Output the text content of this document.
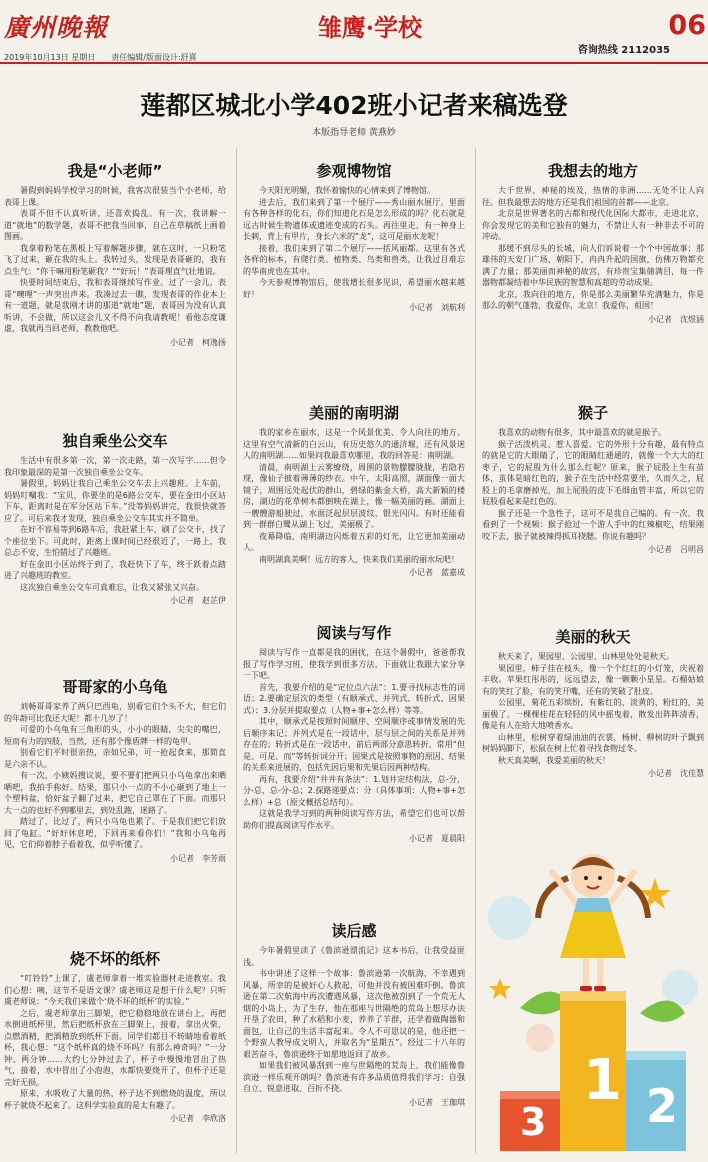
廣州晚報	雏鹰·学校	06
咨询热线 2112035
2019年10月13日 星期日　　责任编辑/版面设计:舒熹
莲都区城北小学402班小记者来稿选登
本版指导老师 黄燕妙
我是“小老师”

暑假到妈妈学校学习的时候，我客次很装当个小老师，给表哥上课。

表哥不但不认真听讲，还喜欢捣乱。有一次，我讲解一道“就地”的数学题，表哥不把我当回事，自己在草稿纸上画着图画。

我拿着粉笔在黑板上写着解题步骤，就在这时，一只粉笔飞了过来，砸在我的头上。我转过头，发现是表哥砸的，我有点生气：“你干嘛用粉笔砸我？”“好玩！”表哥理直气壮地说。

快要时间结束后，我和表哥继续写作业。过了一会儿，表哥“噢哩”一声突出声来。我凑过去一瞧，发现表哥的作业本上有一道题，就是我刚才讲的那道“就地”题，表哥因为没有认真听讲，不会做，所以这会儿又不得不向我请教呢！看他态度谦虚，我就再当回老师，教教他吧。

小记者　柯逸扬
独自乘坐公交车

生活中有很多第一次，第一次走路，第一次写字……但令我印象最深的是第一次独自乘坐公交车。

暑假里，妈妈让我自己乘坐公交车去上兴趣班。上车前，妈妈叮嘱我：“宝贝，你要坐的是6路公交车，要在金田小区站下车，距离时是在军分区站下车。”没等妈妈讲完，我很快就答应了。可后来我才发现，独自乘坐公交车其实并不简单。

在好不容易等到6路车后，我赶紧上车，刷了公交卡，找了个座位坐下。可此时，距离上课时间已经很近了，一路上，我总忐不安，生怕错过了兴趣班。

好在金田小区站终于到了，我赶快下了车，终于跃着点踏进了兴趣班的教室。

这次独自乘坐公交车可真难忘，让我又紧张又兴奋。

小记者　赵芷伊
哥哥家的小乌龟

刘畅哥哥家养了两只巴西龟，别看它们个头不大，但它们的年龄可比我还大呢！都十几岁了！

可爱的小乌龟有三角形的头，小小的眼睛，尖尖的嘴巴，短而有力的四肢，当然，还有那个像盾牌一样的龟甲。

别看它们平时很亲热，亲如兄弟，可一抢起食来，那简直是六亲不认。

有一次，小姨妈搜议说，要不要们把两只小乌龟拿出来晒晒吧，我拍手称好。结果，那只小一点的不小心砸到了地上一个塑料盆，恰好盆子翻了过来，把它自己罩在了下面。而那只大一点的也好不到哪里去，到处乱跑，迷路了。

踏过了，比过了，两只小乌龟也累了。于是我们把它们放回了龟缸。“好好休息吧，下回再来看你们！”我和小乌龟再见，它们仰着脖子看着我，似乎听懂了。

小记者　李芳雨
烧不坏的纸杯

“叮铃铃”上课了，虞老师拿着一堆实验器材走进教室。我们心想：咦，这节不是语文课？虞老师这是想干什么呢？只听虞老师说：“今天我们来做个‘烧不坏的纸杯’的实验。”

之后，虞老师拿出三脚架，把它稳稳地放在讲台上，再把水倒进纸杯里，然后把纸杯放在三脚架上，接着，拿出火柴，点燃酒精，把酒精放到纸杯下面。同学们都目不转睛地看着纸杯，我心想：“这个纸杯真的烧不坏吗？有那么神奇吗？”一分钟、两分钟……大约七分钟过去了，杯子中慢慢地冒出了热气，接着，水中冒出了小泡泡，水都快要烧开了，但杯子还是完好无损。

原来，水吸收了大量的热，杯子达不到燃烧的温度，所以杯子就烧不起来了。这科学实验真的是太有趣了。

小记者　李欣洛
参观博物馆

今天阳光明媚，我怀着愉快的心情来到了博物馆。

进去后，我们来到了第一个展厅——秀山丽水展厅。里面有各种各样的化石，你们知道化石是怎么形成的吗？化石就是远古时候生物遗体或遗迹变成的石头。再往里走，有一种身上长刺，背上有甲片，身长六米的“龙”，这可是丽水龙呢！

接着，我们来到了第二个展厅——括风丽都。这里有各式各样的标本，有爬行类、植物类、鸟类和兽类，让我过目难忘的华南虎也在其中。

今天参观博物馆后，使我增长很多见识，希望丽水越来越好！

小记者　刘航利
美丽的南明湖

我的家乡在丽水，这是一个风景优美、令人向往的地方。这里有空气清新的白云山，有历史悠久的通济堰，还有风景迷人的南明湖……如果问我最喜欢哪里，我的回答是：南明湖。

清晨，南明湖上云雾缭绕，周围的景物朦朦胧胧，若隐若现，像仙子披着薄薄的纱衣。中午，太阳高照，湖面像一面大镜子，周围远处起伏的群山，碧绿的紫金大桥，高大新颖的楼房，湖边的花草树木都倒映在湖上，像一幅美丽的画。湖面上一艘艘游船驶过，水面泛起层层波纹，银光闪闪。有时还能看到一群群白鹭从湖上飞过，美丽极了。

夜幕降临，南明湖边闪烁着五彩的灯光，让它更加美丽动人。

南明湖真美啊！远方的客人，快来我们美丽的丽水玩吧！

小记者　蓝嘉成
阅读与写作

阅读与写作一直都是我的困扰，在这个暑假中，爸爸帮我报了写作学习班，使我学到很多方法，下面就让我跟大家分享一下吧。

首先，我要介绍的是“定位点六法”：1.要寻找标志性的词语；2.要确定层次的类型（有顺承式、并列式、转折式、因果式）；3.分层并提取要点（人物+事+怎么样）等等。

其中，顺承式是按照时间顺序、空间顺序或事情发展的先后顺序来记；并列式是在一段话中，层与层之间的关系是并列存在的；转折式是在一段话中，前后两部分意思转折，常用“但是、可是、而”等转折词分开；因果式是按照事物的原因、结果的关系来进展的，包括先因后果和先果后因两种结构。

再有，我要介绍“井井有条法”：1.划井定结构法，总-分，分-总，总-分-总；2.探路递要点：分（具体事项：人物+事+怎么样）+总（原文概括总结句）。

这就是我学习到的两种阅读写作方法，希望它们也可以帮助你们提高阅读写作水平。

小记者　夏晨阳
读后感

今年暑假里读了《鲁滨逊漂流记》这本书后，让我受益匪浅。

书中讲述了这样一个故事：鲁滨逊第一次航海，不幸遇到风暴，所幸的是被好心人救起，可他并没有被困难吓倒。鲁滨逊在第二次航海中再次遭遇风暴，这次他被刮到了一个荒无人烟的小岛上，为了生存，他在那座与世隔绝的荒岛上想尽办法开垦了农田，种了水稻和小麦，养养了羊群，还学着做陶器和面包，让自己的生活丰富起来。令人不可思议的是，他还把一个野蛮人教导成文明人，并取名为“星期五”。经过二十八年的艰苦奋斗，鲁滨逊终于如愿地返回了故乡。

如果我们被风暴刮到一座与世隔绝的荒岛上，我们能像鲁滨逊一样乐观开朗吗？鲁滨逊有许多品质值得我们学习：自强自立、锐意进取、百折不挠。

小记者　王珈琪
我想去的地方

大千世界，神秘的埃及，热情的非洲……无处不让人向往。但我最想去的地方还是我们祖国的首都——北京。

北京是世界著名的古都和现代化国际大都市，走进北京，你会发现它的美和它独有的魅力，不禁让人有一种非去不可的冲动。

那缓不到尽头的长城，向人们诉说着一个个中国故事；那雄伟的天安门广场，朝阳下，冉冉升起的国旗，仿佛万物都充满了力量；那美丽而神秘的故宫，有珍贵宝集储满目，每一件器物都凝结着中华民族的智慧和高超的劳动成果。

北京，我向往的地方，你是那么美丽繁华充满魅力，你是那么的朝气蓬勃，我爱你，北京！我爱你，祖国！

小记者　沈煜涵
猴子

我喜欢的动物有很多，其中最喜欢的就是猴子。

猴子活泼机灵、惹人喜爱。它的外形十分有趣，最有特点的就是它的大眼睛了，它的眼睛红通通的，就像一个大大的红枣子，它的屁股为什么那么红呢？原来，猴子屁股上生有茧体，茧体是暗红色的，猴子在生活中经常要坐，久而久之，屁股上的毛拿磨掉光，加上屁股的皮下毛细血管丰富，所以它的屁股看起来是红色的。

猴子还是一个急性子，这可不是我自己编的。有一次，我看到了一个视频：猴子抢过一个游人手中的红辣椒吃，结果刚咬下去，猴子就被辣得抓耳挠腮。你说有趣吗？

小记者　吕明昌
美丽的秋天

秋天来了，果园里、公园里、山林里处处是秋天。

果园里，柿子挂在枝头，像一个个红红的小灯笼，庆祝着丰收。苹果红彤彤的，远远望去，像一颗颗小星星。石榴姑娘有的笑红了脸，有的笑开嘴，还有的笑破了肚皮。

公园里，菊花五彩缤纷，有紫红的、淡黄的、粉红的，美丽极了。一棵棵桂花在轻轻的风中摇曳着，散发出阵阵清香，像是有人在给大地喷香水。

山林里，松树穿着绿油油的衣裳，杨树、柳树的叶子飘到树妈妈脚下，松鼠在树上忙着寻找食物过冬。

秋天真美啊，我爱美丽的秋天！

小记者　沈佳慧
1 2
3
